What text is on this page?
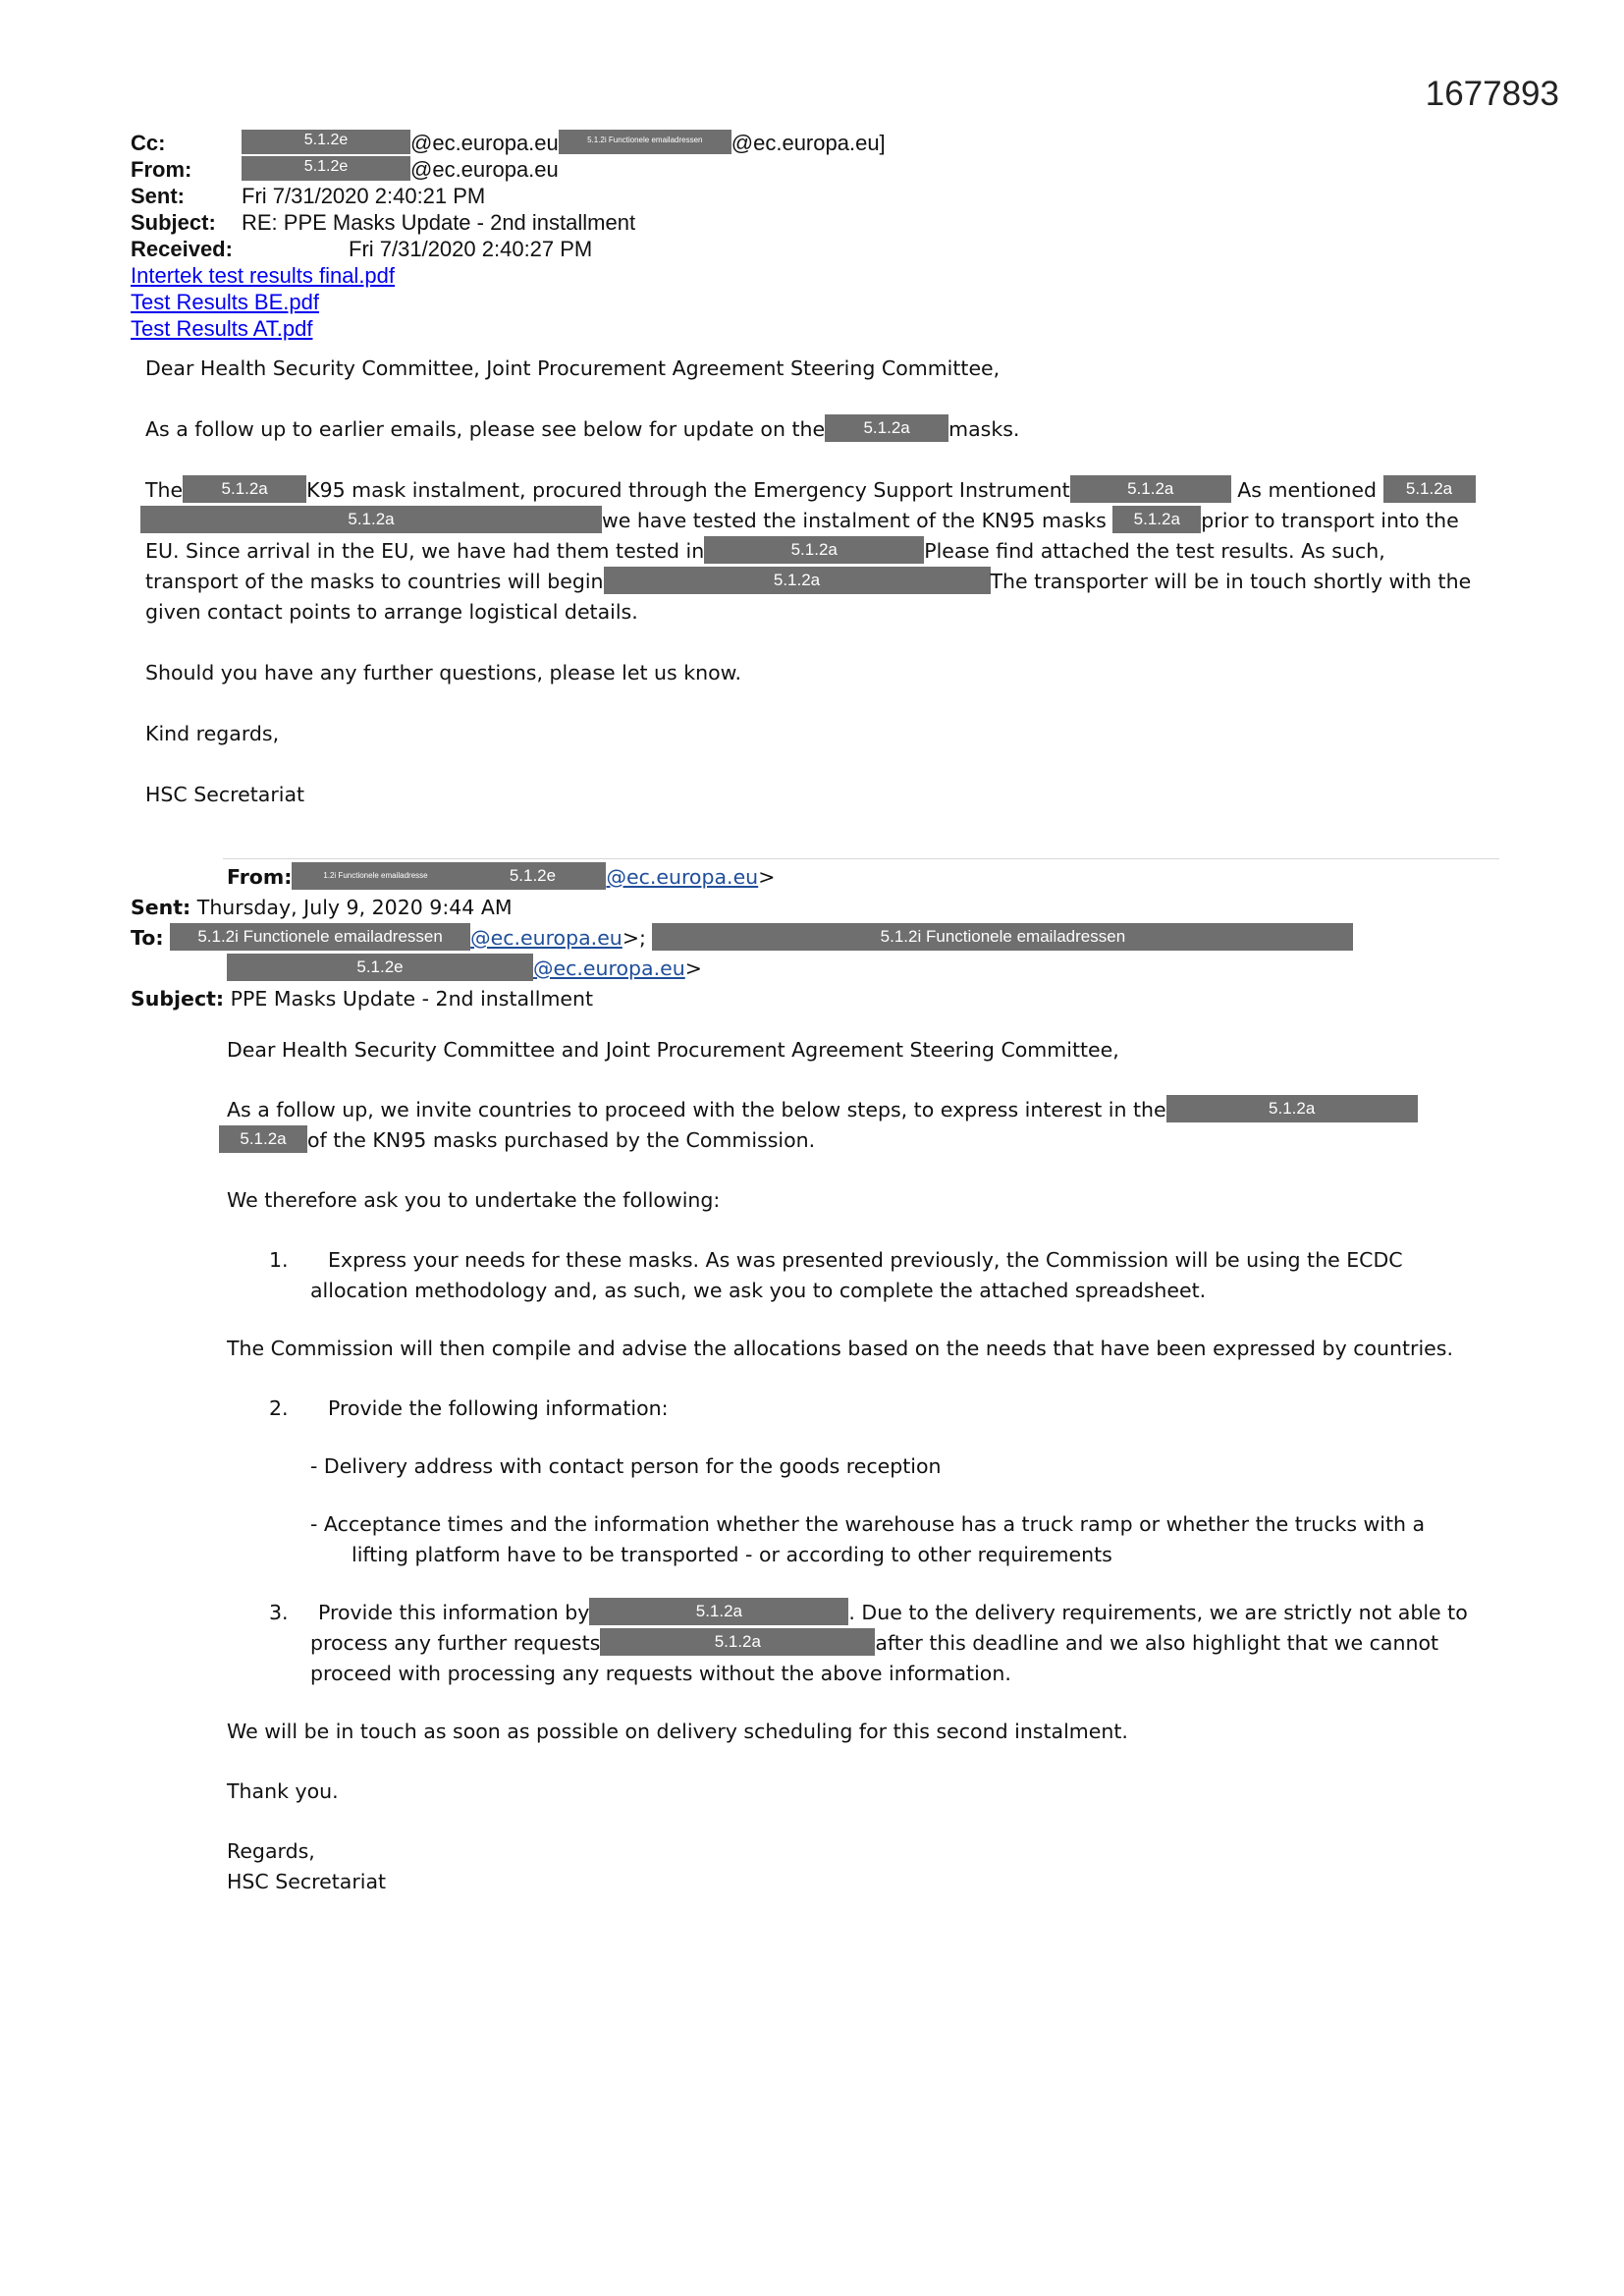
1677893
Cc:	5.1.2e	@ec.europa.eu	5.1.2i Functionele emailadressen @ec.europa.eu]
From:	5.1.2e	@ec.europa.eu
Sent:	Fri 7/31/2020 2:40:21 PM
Subject: RE: PPE Masks Update - 2nd installment
Received:	Fri 7/31/2020 2:40:27 PM
Intertek test results final.pdf
Test Results BE.pdf
Test Results AT.pdf

Dear Health Security Committee, Joint Procurement Agreement Steering Committee,

As a follow up to earlier emails, please see below for update on the 5.1.2a masks.

The 5.1.2a K95 mask instalment, procured through the Emergency Support Instrument	5.1.2a	As mentioned 5.1.2a
5.1.2a	we have tested the instalment of the KN95 masks 5.1.2a prior to transport into the
EU. Since arrival in the EU, we have had them tested in	5.1.2a	Please find attached the test results. As such,
transport of the masks to countries will begin	5.1.2a	The transporter will be in touch shortly with the
given contact points to arrange logistical details.

Should you have any further questions, please let us know.

Kind regards,

HSC Secretariat

From:	1.2i Functionele emailadresse	5.1.2e	@ec.europa.eu>
Sent: Thursday, July 9, 2020 9:44 AM
To: 5.1.2i Functionele emailadressen @ec.europa.eu>;	5.1.2i Functionele emailadressen
5.1.2e	@ec.europa.eu>
Subject: PPE Masks Update - 2nd installment

Dear Health Security Committee and Joint Procurement Agreement Steering Committee,

As a follow up, we invite countries to proceed with the below steps, to express interest in the	5.1.2a
5.1.2a of the KN95 masks purchased by the Commission.

We therefore ask you to undertake the following:

1.	Express your needs for these masks. As was presented previously, the Commission will be using the ECDC allocation methodology and, as such, we ask you to complete the attached spreadsheet.

The Commission will then compile and advise the allocations based on the needs that have been expressed by countries.

2.	Provide the following information:
- Delivery address with contact person for the goods reception
- Acceptance times and the information whether the warehouse has a truck ramp or whether the trucks with a
lifting platform have to be transported - or according to other requirements
3.	Provide this information by	5.1.2a	. Due to the delivery requirements, we are strictly not able to
process any further requests	5.1.2a	after this deadline and we also highlight that we cannot
proceed with processing any requests without the above information.

We will be in touch as soon as possible on delivery scheduling for this second instalment.

Thank you.

Regards,
HSC Secretariat
